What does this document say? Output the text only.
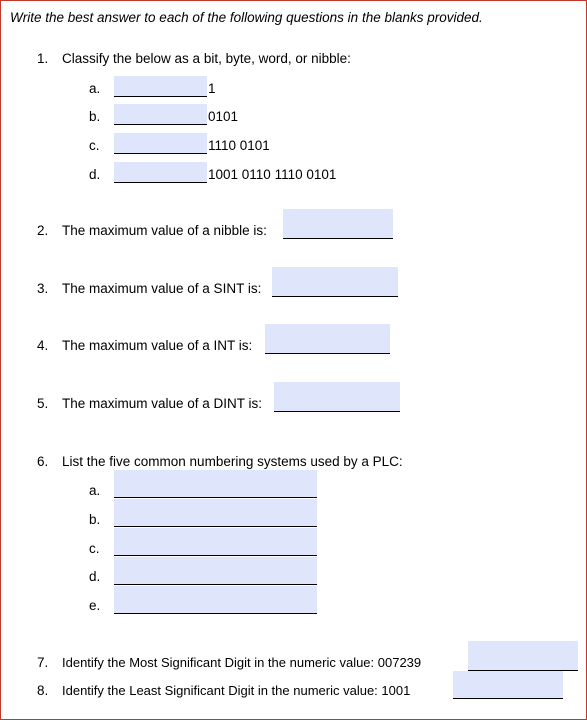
Write the best answer to each of the following questions in the blanks provided.
1. Classify the below as a bit, byte, word, or nibble:
a.	1
b.	0101
c.	1110 0101
d.	1001 0110 1110 0101
2. The maximum value of a nibble is:
3. The maximum value of a SINT is:
4. The maximum value of a INT is:
5. The maximum value of a DINT is:
6. List the five common numbering systems used by a PLC:
a.
b.
c.
d.
e.
7. Identify the Most Significant Digit in the numeric value: 007239
8. Identify the Least Significant Digit in the numeric value: 1001
